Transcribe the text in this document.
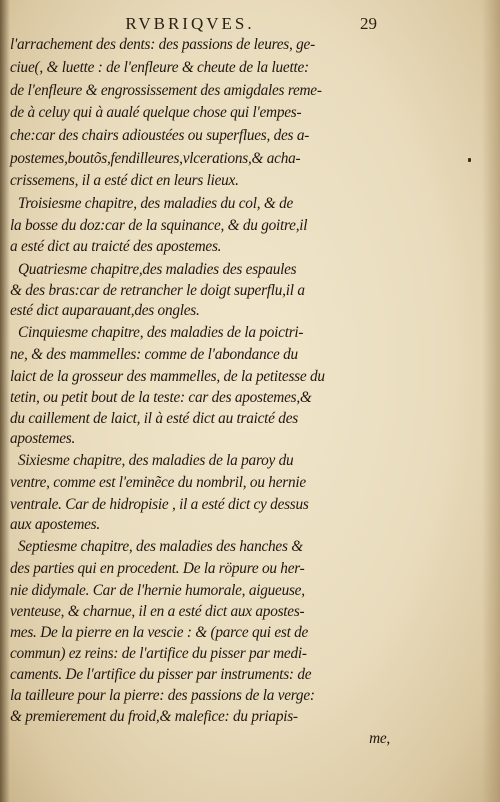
RVBRIQVES.	29
l'arrachement des dents: des passions de leures, ge-
ciue(, & luette : de l'enfleure & cheute de la luette:
de l'enfleure & engrossissement des amigdales reme-
de à celuy qui à aualé quelque chose qui l'empes-
che:car des chairs adioustées ou superflues, des a-
postemes,boutõs,fendilleures,vlcerations,& acha-
crissemens, il a esté dict en leurs lieux.
Troisiesme chapitre, des maladies du col, & de
la bosse du doz:car de la squinance, & du goitre,il
a esté dict au traicté des apostemes.
Quatriesme chapitre,des maladies des espaules
& des bras:car de retrancher le doigt superflu,il a
esté dict auparauant,des ongles.
Cinquiesme chapitre, des maladies de la poictri-
ne, & des mammelles: comme de l'abondance du
laict de la grosseur des mammelles, de la petitesse du
tetin, ou petit bout de la teste: car des apostemes,&
du caillement de laict, il à esté dict au traicté des
apostemes.
Sixiesme chapitre, des maladies de la paroy du
ventre, comme est l'eminẽce du nombril, ou hernie
ventrale. Car de hidropisie , il a esté dict cy dessus
aux apostemes.
Septiesme chapitre, des maladies des hanches &
des parties qui en procedent. De la röpure ou her-
nie didymale. Car de l'hernie humorale, aigueuse,
venteuse, & charnue, il en a esté dict aux apostes-
mes. De la pierre en la vescie : & (parce qui est de
commun) ez reins: de l'artifice du pisser par medi-
caments. De l'artifice du pisser par instruments: de
la tailleure pour la pierre: des passions de la verge:
& premierement du froid,& malefice: du priapis-
me,
